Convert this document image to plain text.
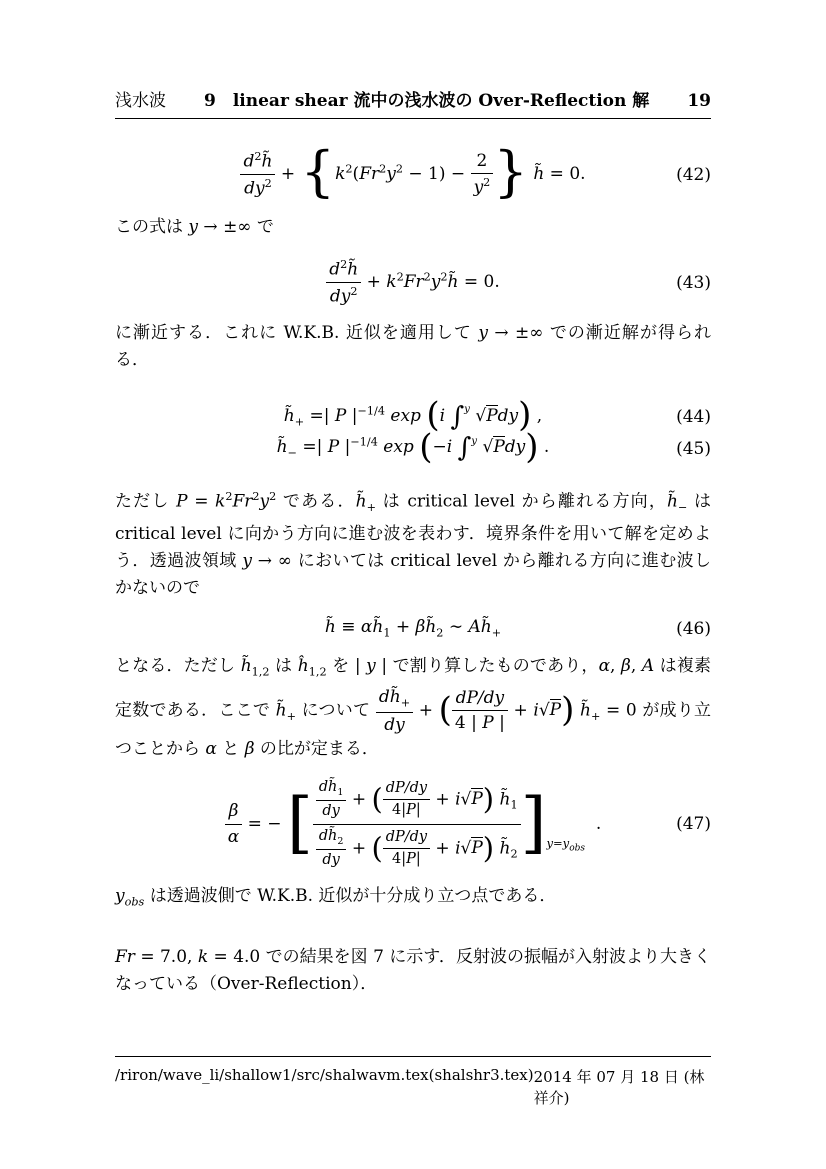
浅水波 9　linear shear 流中の浅水波の Over-Reflection 解 19
$\frac{d^2h̃}{dy^2} + \{k^2(Fr^2y^2 - 1) - \frac{2}{y^2}$ } h̃ = 0.	(42)

この式は y → ±∞ で

$\frac{d^2h̃}{dy^2}$ + $k^2Fr^2y^2h̃ = 0$.	(43)

に漸近する．これに W.K.B. 近似を適用して y → ±∞ での漸近解が得られる．

$h̃_+$ =| P $|^{-1/4}$ exp (i ∫$^y$ √Pdy) ,	(44)
$h̃_-$ =| P $|^{-1/4}$ exp (−i ∫$^y$ √Pdy) .	(45)

ただし $P = k^2Fr^2y^2$ である．$h̃_+$ は critical level から離れる方向，$h̃_-$ は critical level に向かう方向に進む波を表わす．境界条件を用いて解を定めよう．透過波領域 y → ∞ においては critical level から離れる方向に進む波しかないので

h̃ ≡ $\alpha h̃_1$ + $\beta h̃_2$ ∼ $Ah̃_+$	(46)

となる．ただし $h̃_{1,2}$ は $ĥ_{1,2}$ を | y | で割り算したものであり，α, β, A は複素定数である．ここで $h̃_+$ について $\frac{dh̃_+}{dy}$ + ( $\frac{dP/dy}{4 | P |} + i√P$) $h̃_+ = 0$ が成り立つことから α と β の比が定まる．

$\frac{\beta}{\alpha}$ = − [ $\frac{\frac{dh̃_1}{dy} + ( \frac{dP/dy}{4|P|} + i√P) h̃_1}{\frac{dh̃_2}{dy} + ( \frac{dP/dy}{4|P|} + i√P) h̃_2} ]_{y=y_{obs}}$  .	(47)

$y_{obs}$ は透過波側で W.K.B. 近似が十分成り立つ点である．

Fr = 7.0, k = 4.0 での結果を図 7 に示す．反射波の振幅が入射波より大きくなっている（Over-Reflection）．

/riron/wave_li/shallow1/src/shalwavm.tex(shalshr3.tex) 2014 年 07 月 18 日 (林 祥介)
